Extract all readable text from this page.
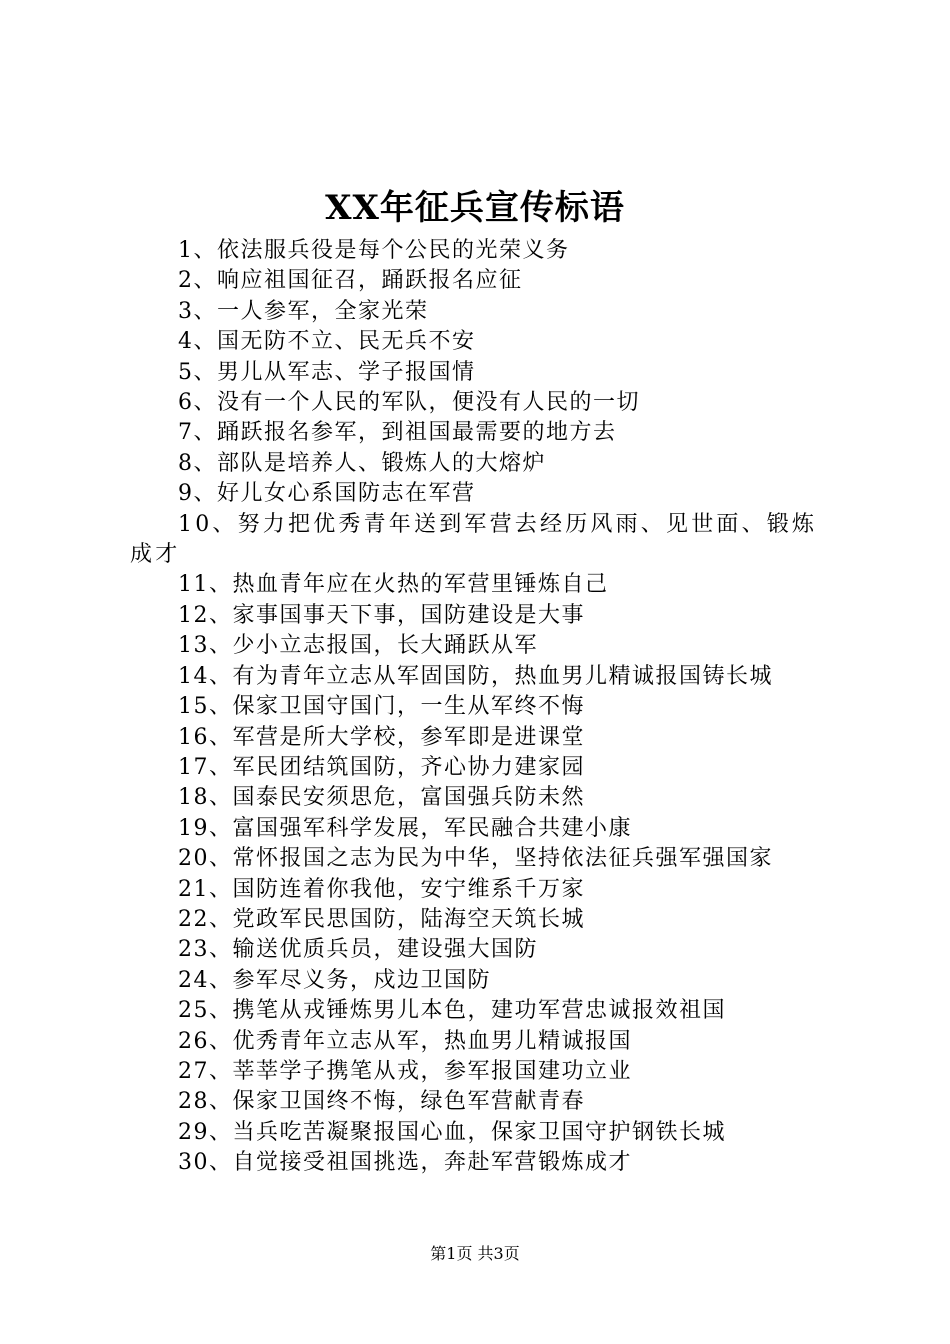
XX年征兵宣传标语
1、依法服兵役是每个公民的光荣义务
2、响应祖国征召，踊跃报名应征
3、一人参军，全家光荣
4、国无防不立、民无兵不安
5、男儿从军志、学子报国情
6、没有一个人民的军队，便没有人民的一切
7、踊跃报名参军，到祖国最需要的地方去
8、部队是培养人、锻炼人的大熔炉
9、好儿女心系国防志在军营
10、努力把优秀青年送到军营去经历风雨、见世面、锻炼成才
11、热血青年应在火热的军营里锤炼自己
12、家事国事天下事，国防建设是大事
13、少小立志报国，长大踊跃从军
14、有为青年立志从军固国防，热血男儿精诚报国铸长城
15、保家卫国守国门，一生从军终不悔
16、军营是所大学校，参军即是进课堂
17、军民团结筑国防，齐心协力建家园
18、国泰民安须思危，富国强兵防未然
19、富国强军科学发展，军民融合共建小康
20、常怀报国之志为民为中华，坚持依法征兵强军强国家
21、国防连着你我他，安宁维系千万家
22、党政军民思国防，陆海空天筑长城
23、输送优质兵员，建设强大国防
24、参军尽义务，戍边卫国防
25、携笔从戎锤炼男儿本色，建功军营忠诚报效祖国
26、优秀青年立志从军，热血男儿精诚报国
27、莘莘学子携笔从戎，参军报国建功立业
28、保家卫国终不悔，绿色军营献青春
29、当兵吃苦凝聚报国心血，保家卫国守护钢铁长城
30、自觉接受祖国挑选，奔赴军营锻炼成才
第1页 共3页
